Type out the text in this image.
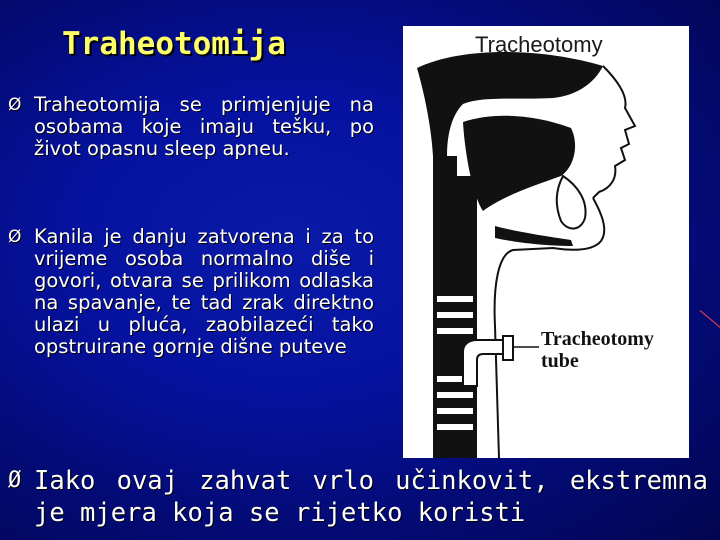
Traheotomija
Ø Traheotomija se primjenjuje na osobama koje imaju tešku, po život opasnu sleep apneu.
Ø Kanila je danju zatvorena i za to vrijeme osoba normalno diše i govori, otvara se prilikom odlaska na spavanje, te tad zrak direktno ulazi u pluća, zaobilazeći tako opstruirane gornje dišne puteve
Ø Iako ovaj zahvat vrlo učinkovit, ekstremna je mjera koja se rijetko koristi
Tracheotomy
Tracheotomy
tube
